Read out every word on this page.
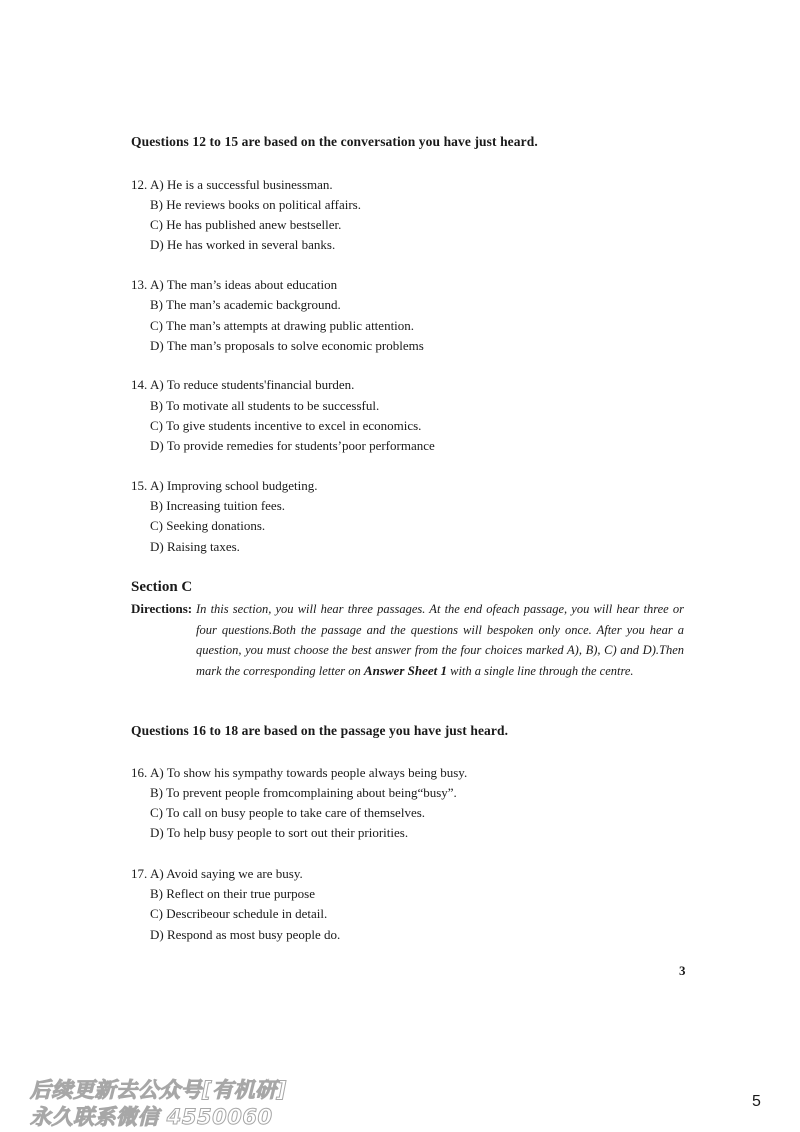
Questions 12 to 15 are based on the conversation you have just heard.
12. A) He is a successful businessman.
B) He reviews books on political affairs.
C) He has published anew bestseller.
D) He has worked in several banks.
13. A) The man’s ideas about education
B) The man’s academic background.
C) The man’s attempts at drawing public attention.
D) The man’s proposals to solve economic problems
14. A) To reduce students'financial burden.
B) To motivate all students to be successful.
C) To give students incentive to excel in economics.
D) To provide remedies for students’poor performance
15. A) Improving school budgeting.
B) Increasing tuition fees.
C) Seeking donations.
D) Raising taxes.
Section C
Directions: In this section, you will hear three passages. At the end ofeach passage, you will hear three or four questions.Both the passage and the questions will bespoken only once. After you hear a question, you must choose the best answer from the four choices marked A), B), C) and D).Then mark the corresponding letter on Answer Sheet 1 with a single line through the centre.
Questions 16 to 18 are based on the passage you have just heard.
16. A) To show his sympathy towards people always being busy.
B) To prevent people fromcomplaining about being“busy”.
C) To call on busy people to take care of themselves.
D) To help busy people to sort out their priorities.
17. A) Avoid saying we are busy.
B) Reflect on their true purpose
C) Describeour schedule in detail.
D) Respond as most busy people do.
3
5
后续更新去公众号[有机研]
永久联系微信 4550060
